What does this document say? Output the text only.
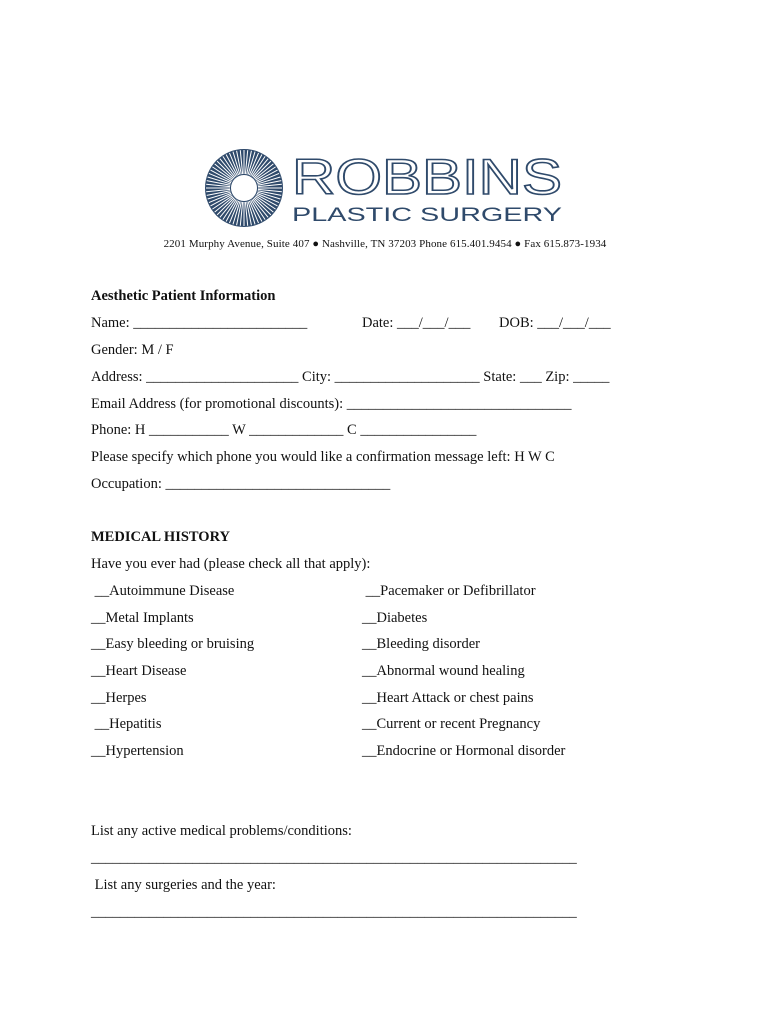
ROBBINS
PLASTIC SURGERY
2201 Murphy Avenue, Suite 407 ● Nashville, TN 37203 Phone 615.401.9454 ● Fax 615.873-1934
Aesthetic Patient Information
Name: ________________________	Date: ___/___/___ DOB: ___/___/___
Gender: M / F
Address: _____________________ City: ____________________ State: ___ Zip: _____
Email Address (for promotional discounts): _______________________________
Phone: H ___________ W _____________ C ________________
Please specify which phone you would like a confirmation message left: H W C
Occupation: _______________________________
MEDICAL HISTORY
Have you ever had (please check all that apply):
__Autoimmune Disease
__Metal Implants
__Easy bleeding or bruising
__Heart Disease
__Herpes
__Hepatitis
__Hypertension
__Pacemaker or Defibrillator
__Diabetes
__Bleeding disorder
__Abnormal wound healing
__Heart Attack or chest pains
__Current or recent Pregnancy
__Endocrine or Hormonal disorder
List any active medical problems/conditions:
___________________________________________________________________
List any surgeries and the year:
___________________________________________________________________
